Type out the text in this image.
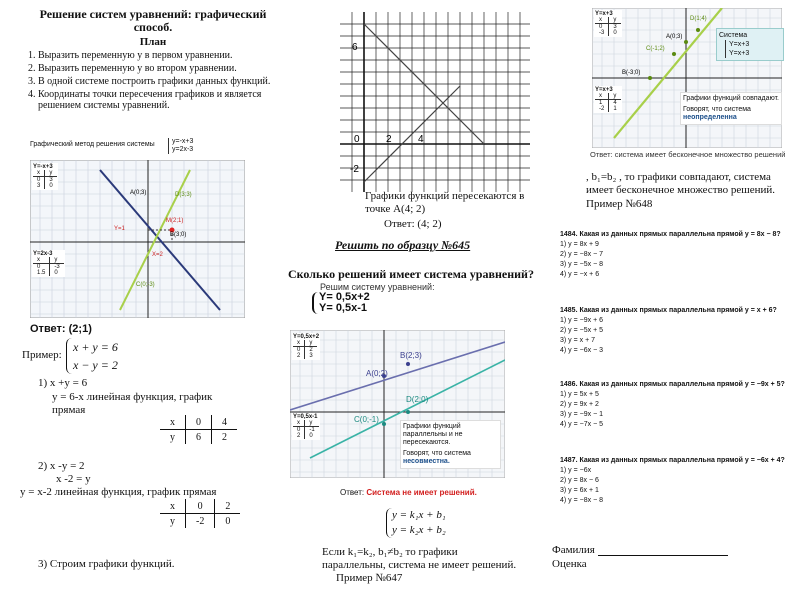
Решение систем уравнений: графический способ.
План
1. Выразить переменную у в первом уравнении.
2. Выразить переменную у во втором уравнении.
3. В одной системе построить графики данных функций.
4. Координаты точки пересечения графиков и является решением системы уравнений.
Графический метод решения системы y=-x+3
y=2x-3
A(0;3)	D(3;3)
M(2;1)
B(3;0)
C(0;-3)
Y=1
X=2
Y=-x+3
x	y
0	3
3	0
Y=2x-3
x	y
0	-3
1.5	0
Ответ: (2;1)
Пример:
x + y = 6
x − y = 2
1) x +y = 6
y = 6-x линейная функция, график прямая
x	0	4
y	6	2
2) x -y = 2
x -2 = y
y = x-2 линейная функция, график прямая
x	0	2
y	-2	0
3) Строим графики функций.
6
0	2	4
-2
Графики функций пересекаются в точке А(4; 2)
Ответ: (4; 2)
Решить по образцу №645
Сколько решений имеет система уравнений?
Решим систему уравнений:
Y= 0,5x+2
Y= 0,5x-1
B(2;3)
A(0;2)
D(2;0)
C(0;-1)
Y=0,5x+2
x	y
0	2
2	3
Y=0,5x-1
x	y
0	-1
2	0
Графики функций параллельны и не пересекаются.
Говорят, что система
несовместна.
Ответ: Система не имеет решений.
y = k₁x + b₁
y = k₂x + b₂
Если k₁=k₂, b₁≠b₂ то графики параллельны, система не имеет решений.
Пример №647
D(1;4)
A(0;3)
C(-1;2)
B(-3;0)
Y=x+3
x	y
0	3
-3	0
Y=x+3
x	y
1	4
-2	1
Система
Y=x+3
Y=x+3
Графики функций совпадают.
Говорят, что система
неопределенна
Ответ: система имеет бесконечное множество решений
, b₁=b₂ , то графики совпадают, система имеет бесконечное множество решений.
Пример №648
1484. Какая из данных прямых параллельна прямой y = 8x − 8?
1) y = 8x + 9
2) y = −8x − 7
3) y = −5x − 8
4) y = −x + 6
1485. Какая из данных прямых параллельна прямой y = x + 6?
1) y = −9x + 6
2) y = −5x + 5
3) y = x + 7
4) y = −6x − 3
1486. Какая из данных прямых параллельна прямой y = −9x + 5?
1) y = 5x + 5
2) y = 9x + 2
3) y = −9x − 1
4) y = −7x − 5
1487. Какая из данных прямых параллельна прямой y = −6x + 4?
1) y = −6x
2) y = 8x − 6
3) y = 6x + 1
4) y = −8x − 8
Фамилия
Оценка
